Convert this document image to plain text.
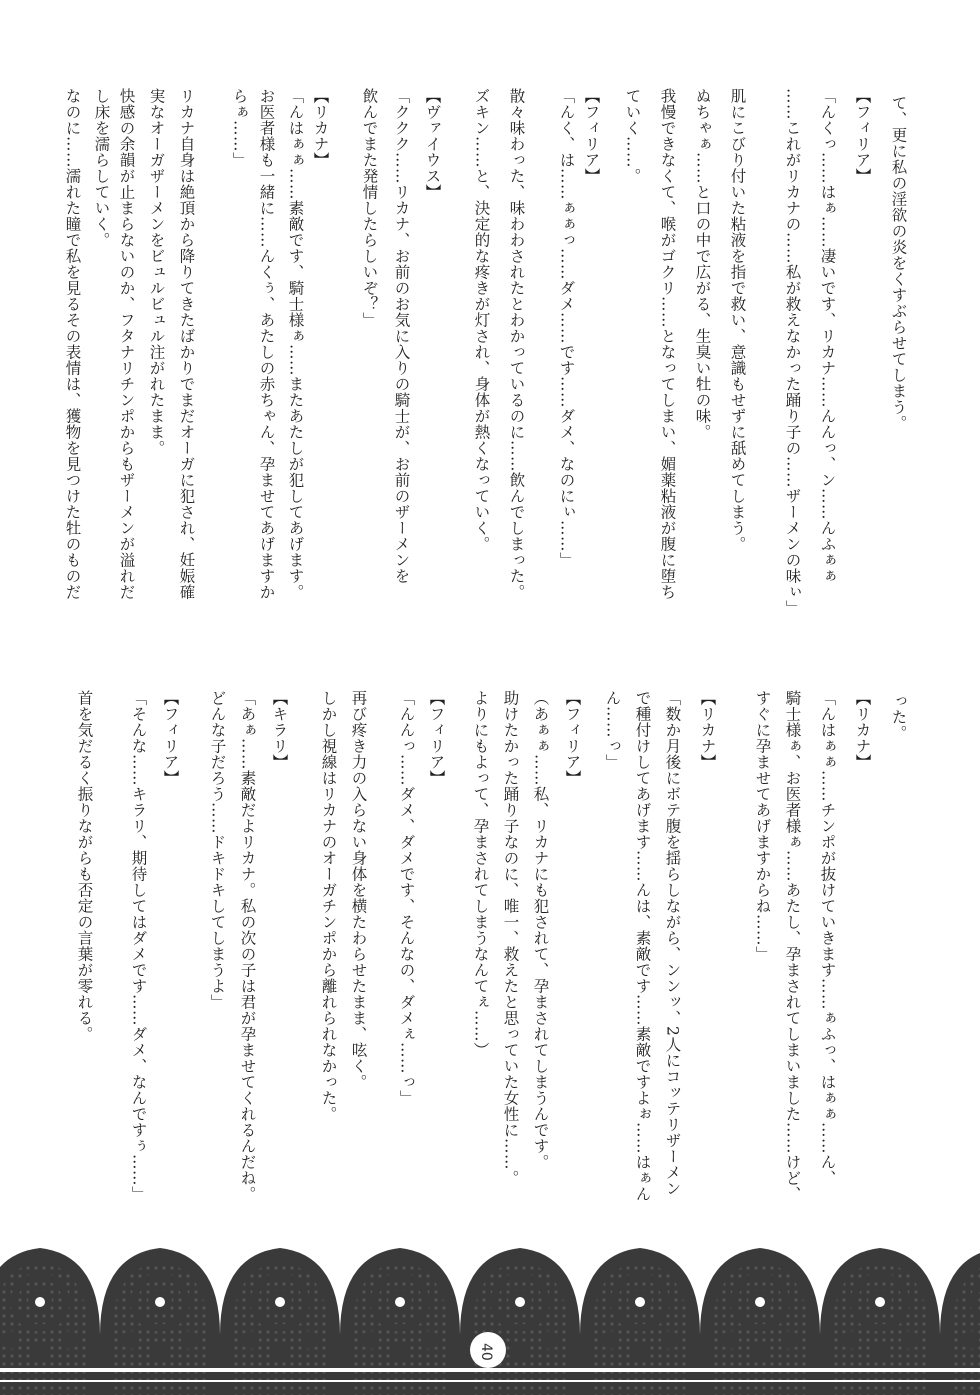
て、更に私の淫欲の炎をくすぶらせてしまう。
【フィリア】
「んくっ……はぁ……凄いです、リカナ……んんっ、ン……んふぁぁ
……これがリカナの……私が救えなかった踊り子の……ザーメンの味ぃ」
肌にこびり付いた粘液を指で救い、意識もせずに舐めてしまう。
ぬちゃぁ……と口の中で広がる、生臭い牡の味。
我慢できなくて、喉がゴクリ……となってしまい、媚薬粘液が腹に堕ち
ていく……。
【フィリア】
「んく、は……ぁぁっ……ダメ……です……ダメ、なのにぃ……」
散々味わった、味わわされたとわかっているのに……飲んでしまった。
ズキン……と、決定的な疼きが灯され、身体が熱くなっていく。
【ヴァイウス】
「ククク……リカナ、お前のお気に入りの騎士が、お前のザーメンを
飲んでまた発情したらしいぞ？」
【リカナ】
「んはぁぁ……素敵です、騎士様ぁ……またあたしが犯してあげます。
お医者様も一緒に……んくぅ、あたしの赤ちゃん、孕ませてあげますか
らぁ……」
リカナ自身は絶頂から降りてきたばかりでまだオーガに犯され、妊娠確
実なオーガザーメンをビュルビュル注がれたまま。
快感の余韻が止まらないのか、フタナリチンポからもザーメンが溢れだ
し床を濡らしていく。
なのに……濡れた瞳で私を見るその表情は、獲物を見つけた牡のものだ
った。
【リカナ】
「んはぁぁ……チンポが抜けていきます……ぁふっ、はぁぁ……ん、
騎士様ぁ、お医者様ぁ……あたし、孕まされてしまいました……けど、
すぐに孕ませてあげますからね……」
【リカナ】
「数か月後にボテ腹を揺らしながら、ンンッ、2人にコッテリザーメン
で種付けしてあげます……んは、素敵です……素敵ですよぉ……はぁん
ん……っ」
【フィリア】
（あぁぁ……私、リカナにも犯されて、孕まされてしまうんです。
助けたかった踊り子なのに、唯一、救えたと思っていた女性に……。
よりにもよって、孕まされてしまうなんてぇ……）
【フィリア】
「んんっ……ダメ、ダメです、そんなの、ダメぇ……っ」
再び疼き力の入らない身体を横たわらせたまま、呟く。
しかし視線はリカナのオーガチンポから離れられなかった。
【キラリ】
「あぁ……素敵だよリカナ。私の次の子は君が孕ませてくれるんだね。
どんな子だろう……ドキドキしてしまうよ」
【フィリア】
「そんな……キラリ、期待してはダメです……ダメ、なんですぅ……」
首を気だるく振りながらも否定の言葉が零れる。
40
